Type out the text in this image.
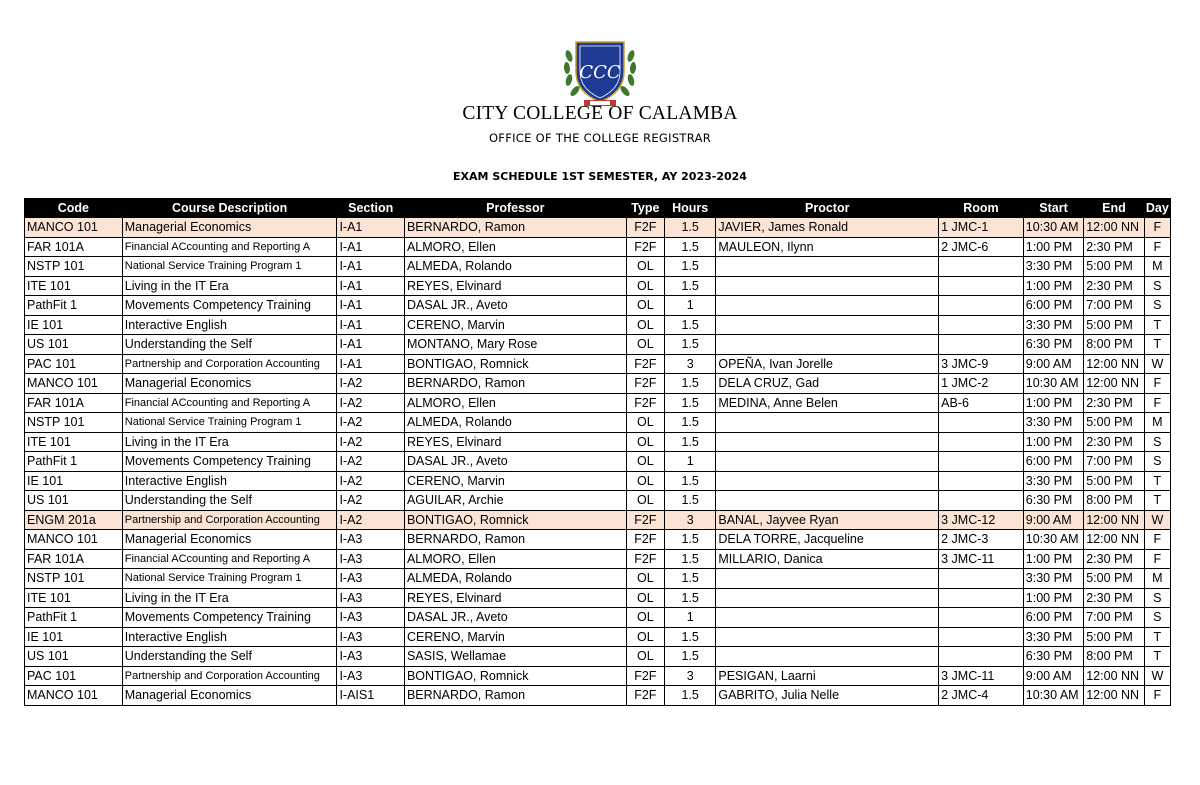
CCC
CITY COLLEGE OF CALAMBA
OFFICE OF THE COLLEGE REGISTRAR
EXAM SCHEDULE 1ST SEMESTER, AY 2023-2024
Code	Course Description	Section	Professor	Type	Hours	Proctor	Room	Start	End	Day
MANCO 101	Managerial Economics	I-A1	BERNARDO, Ramon	F2F	1.5	JAVIER, James Ronald	1 JMC-1	10:30 AM	12:00 NN	F
FAR 101A	Financial ACcounting and Reporting A	I-A1	ALMORO, Ellen	F2F	1.5	MAULEON, Ilynn	2 JMC-6	1:00 PM	2:30 PM	F
NSTP 101	National Service Training Program 1	I-A1	ALMEDA, Rolando	OL	1.5			3:30 PM	5:00 PM	M
ITE 101	Living in the IT Era	I-A1	REYES, Elvinard	OL	1.5			1:00 PM	2:30 PM	S
PathFit 1	Movements Competency Training	I-A1	DASAL JR., Aveto	OL	1			6:00 PM	7:00 PM	S
IE 101	Interactive English	I-A1	CERENO, Marvin	OL	1.5			3:30 PM	5:00 PM	T
US 101	Understanding the Self	I-A1	MONTANO, Mary Rose	OL	1.5			6:30 PM	8:00 PM	T
PAC 101	Partnership and Corporation Accounting	I-A1	BONTIGAO, Romnick	F2F	3	OPEÑA, Ivan Jorelle	3 JMC-9	9:00 AM	12:00 NN	W
MANCO 101	Managerial Economics	I-A2	BERNARDO, Ramon	F2F	1.5	DELA CRUZ, Gad	1 JMC-2	10:30 AM	12:00 NN	F
FAR 101A	Financial ACcounting and Reporting A	I-A2	ALMORO, Ellen	F2F	1.5	MEDINA, Anne Belen	AB-6	1:00 PM	2:30 PM	F
NSTP 101	National Service Training Program 1	I-A2	ALMEDA, Rolando	OL	1.5			3:30 PM	5:00 PM	M
ITE 101	Living in the IT Era	I-A2	REYES, Elvinard	OL	1.5			1:00 PM	2:30 PM	S
PathFit 1	Movements Competency Training	I-A2	DASAL JR., Aveto	OL	1			6:00 PM	7:00 PM	S
IE 101	Interactive English	I-A2	CERENO, Marvin	OL	1.5			3:30 PM	5:00 PM	T
US 101	Understanding the Self	I-A2	AGUILAR, Archie	OL	1.5			6:30 PM	8:00 PM	T
ENGM 201a	Partnership and Corporation Accounting	I-A2	BONTIGAO, Romnick	F2F	3	BANAL, Jayvee Ryan	3 JMC-12	9:00 AM	12:00 NN	W
MANCO 101	Managerial Economics	I-A3	BERNARDO, Ramon	F2F	1.5	DELA TORRE, Jacqueline	2 JMC-3	10:30 AM	12:00 NN	F
FAR 101A	Financial ACcounting and Reporting A	I-A3	ALMORO, Ellen	F2F	1.5	MILLARIO, Danica	3 JMC-11	1:00 PM	2:30 PM	F
NSTP 101	National Service Training Program 1	I-A3	ALMEDA, Rolando	OL	1.5			3:30 PM	5:00 PM	M
ITE 101	Living in the IT Era	I-A3	REYES, Elvinard	OL	1.5			1:00 PM	2:30 PM	S
PathFit 1	Movements Competency Training	I-A3	DASAL JR., Aveto	OL	1			6:00 PM	7:00 PM	S
IE 101	Interactive English	I-A3	CERENO, Marvin	OL	1.5			3:30 PM	5:00 PM	T
US 101	Understanding the Self	I-A3	SASIS, Wellamae	OL	1.5			6:30 PM	8:00 PM	T
PAC 101	Partnership and Corporation Accounting	I-A3	BONTIGAO, Romnick	F2F	3	PESIGAN, Laarni	3 JMC-11	9:00 AM	12:00 NN	W
MANCO 101	Managerial Economics	I-AIS1	BERNARDO, Ramon	F2F	1.5	GABRITO, Julia Nelle	2 JMC-4	10:30 AM	12:00 NN	F
